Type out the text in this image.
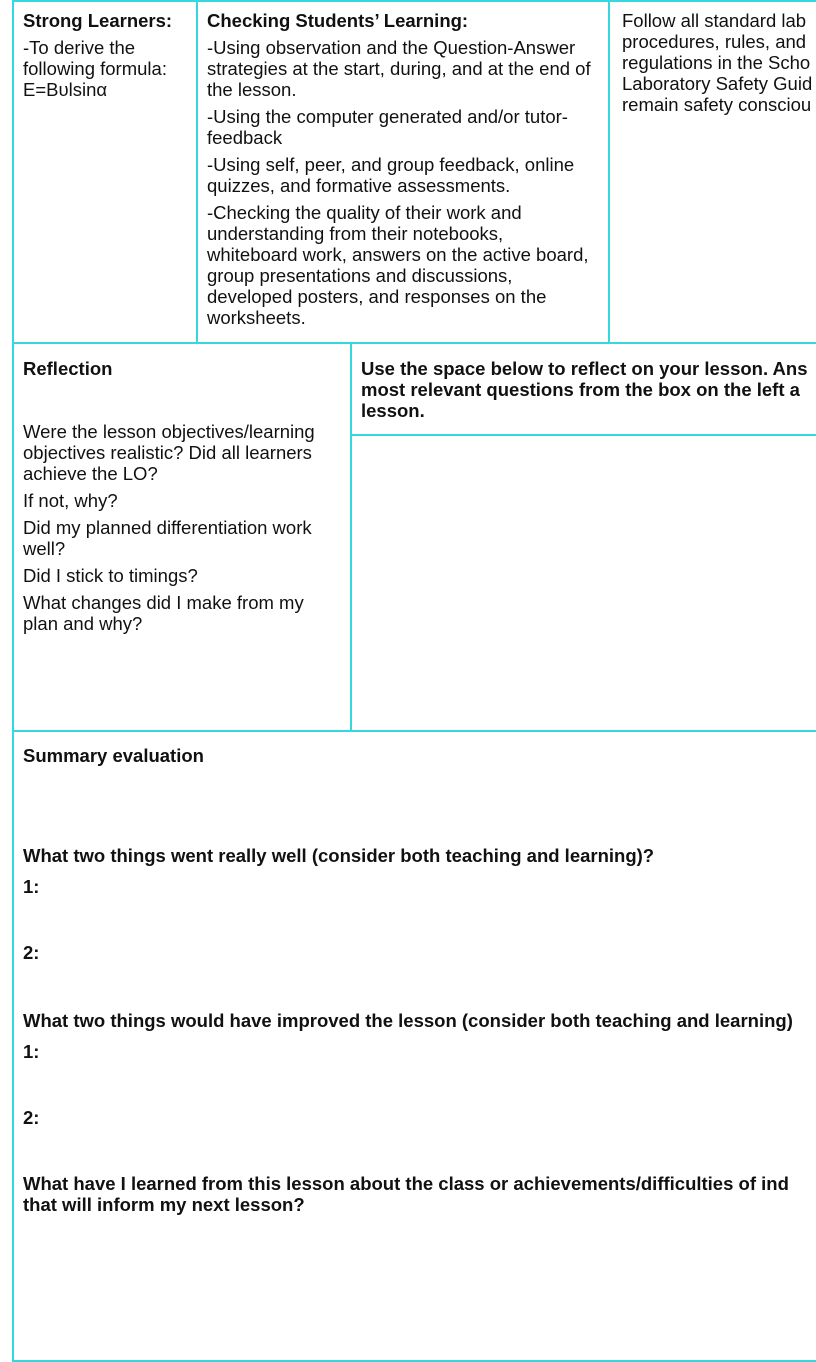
Strong Learners:

-To derive the following formula:

E=Bυlsinα

Checking Students’ Learning:

-Using observation and the Question-Answer strategies at the start, during, and at the end of the lesson.

-Using the computer generated and/or tutor-feedback

-Using self, peer, and group feedback, online quizzes, and formative assessments.

-Checking the quality of their work and understanding from their notebooks, whiteboard work, answers on the active board, group presentations and discussions, developed posters, and responses on the worksheets.

Follow all standard lab

procedures, rules, and

regulations in the Scho

Laboratory Safety Guid

remain safety consciou

Reflection

Were the lesson objectives/learning objectives realistic? Did all learners achieve the LO?

If not, why?

Did my planned differentiation work well?

Did I stick to timings?

What changes did I make from my plan and why?

Use the space below to reflect on your lesson. Ans

most relevant questions from the box on the left a

lesson.

Summary evaluation

What two things went really well (consider both teaching and learning)?

1:

2:

What two things would have improved the lesson (consider both teaching and learning)

1:

2:

What have I learned from this lesson about the class or achievements/difficulties of ind

that will inform my next lesson?
